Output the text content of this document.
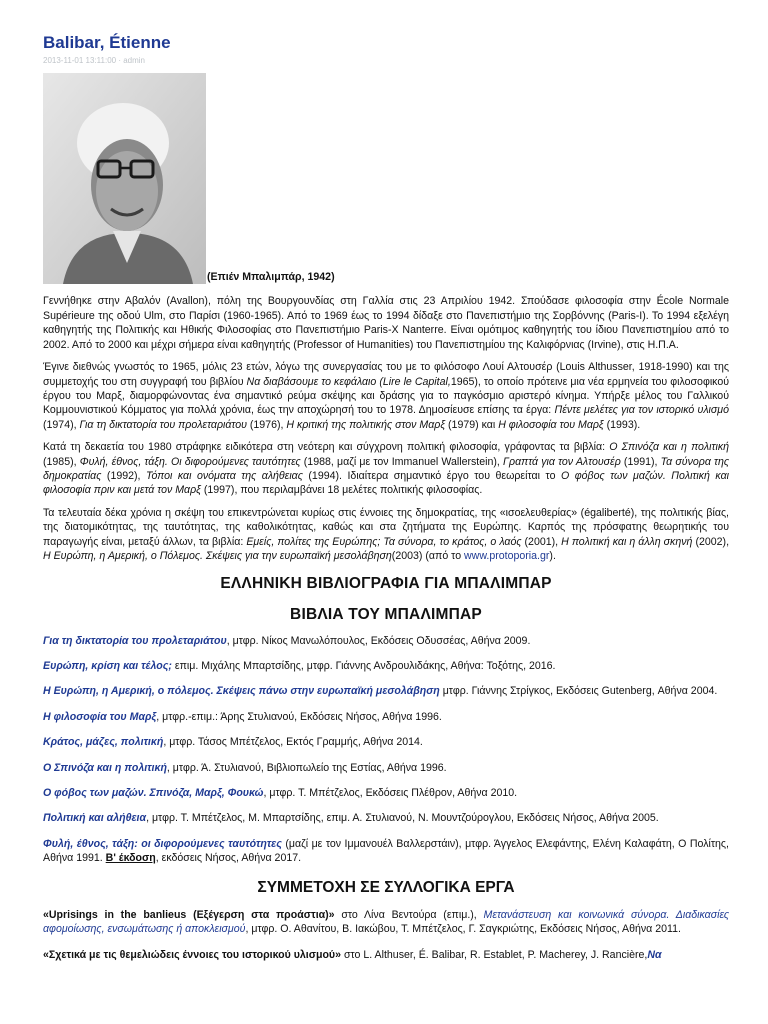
Balibar, Étienne
2013-11-01 13:11:00 · admin
(Επιέν Μπαλιμπάρ, 1942)

Γεννήθηκε στην Αβαλόν (Avallon), πόλη της Βουργουνδίας στη Γαλλία στις 23 Απριλίου 1942. Σπούδασε φιλοσοφία στην École Normale Supérieure της οδού Ulm, στο Παρίσι (1960-1965). Από το 1969 έως το 1994 δίδαξε στο Πανεπιστήμιο της Σορβόννης (Paris-I). Το 1994 εξελέγη καθηγητής της Πολιτικής και Ηθικής Φιλοσοφίας στο Πανεπιστήμιο Paris-X Nanterre. Είναι ομότιμος καθηγητής του ίδιου Πανεπιστημίου από το 2002. Από το 2000 και μέχρι σήμερα είναι καθηγητής (Professor of Humanities) του Πανεπιστημίου της Καλιφόρνιας (Irvine), στις Η.Π.Α.

Έγινε διεθνώς γνωστός το 1965, μόλις 23 ετών, λόγω της συνεργασίας του με το φιλόσοφο Λουί Αλτουσέρ (Louis Althusser, 1918-1990) και της συμμετοχής του στη συγγραφή του βιβλίου Να διαβάσουμε το κεφάλαιο (Lire le Capital,1965), το οποίο πρότεινε μια νέα ερμηνεία του φιλοσοφικού έργου του Μαρξ, διαμορφώνοντας ένα σημαντικό ρεύμα σκέψης και δράσης για το παγκόσμιο αριστερό κίνημα. Υπήρξε μέλος του Γαλλικού Κομμουνιστικού Κόμματος για πολλά χρόνια, έως την αποχώρησή του το 1978. Δημοσίευσε επίσης τα έργα: Πέντε μελέτες για τον ιστορικό υλισμό (1974), Για τη δικτατορία του προλεταριάτου (1976), Η κριτική της πολιτικής στον Μαρξ (1979) και Η φιλοσοφία του Μαρξ (1993).

Κατά τη δεκαετία του 1980 στράφηκε ειδικότερα στη νεότερη και σύγχρονη πολιτική φιλοσοφία, γράφοντας τα βιβλία: Ο Σπινόζα και η πολιτική (1985), Φυλή, έθνος, τάξη. Οι διφορούμενες ταυτότητες (1988, μαζί με τον Immanuel Wallerstein), Γραπτά για τον Αλτουσέρ (1991), Τα σύνορα της δημοκρατίας (1992), Τόποι και ονόματα της αλήθειας (1994). Ιδιαίτερα σημαντικό έργο του θεωρείται το Ο φόβος των μαζών. Πολιτική και φιλοσοφία πριν και μετά τον Μαρξ (1997), που περιλαμβάνει 18 μελέτες πολιτικής φιλοσοφίας.

Τα τελευταία δέκα χρόνια η σκέψη του επικεντρώνεται κυρίως στις έννοιες της δημοκρατίας, της «ισοελευθερίας» (égaliberté), της πολιτικής βίας, της διατομικότητας, της ταυτότητας, της καθολικότητας, καθώς και στα ζητήματα της Ευρώπης. Καρπός της πρόσφατης θεωρητικής του παραγωγής είναι, μεταξύ άλλων, τα βιβλία: Εμείς, πολίτες της Ευρώπης; Τα σύνορα, το κράτος, ο λαός (2001), Η πολιτική και η άλλη σκηνή (2002), Η Ευρώπη, η Αμερική, ο Πόλεμος. Σκέψεις για την ευρωπαϊκή μεσολάβηση(2003) (από το www.protoporia.gr).

ΕΛΛΗΝΙΚΗ ΒΙΒΛΙΟΓΡΑΦΙΑ ΓΙΑ ΜΠΑΛΙΜΠΑΡ
ΒΙΒΛΙΑ ΤΟΥ ΜΠΑΛΙΜΠΑΡ
Για τη δικτατορία του προλεταριάτου, μτφρ. Νίκος Μανωλόπουλος, Εκδόσεις Οδυσσέας, Αθήνα 2009.
Ευρώπη, κρίση και τέλος; επιμ. Μιχάλης Μπαρτσίδης, μτφρ. Γιάννης Ανδρουλιδάκης, Αθήνα: Τοξότης, 2016.
Η Ευρώπη, η Αμερική, ο πόλεμος. Σκέψεις πάνω στην ευρωπαϊκή μεσολάβηση μτφρ. Γιάννης Στρίγκος, Εκδόσεις Gutenberg, Αθήνα 2004.
Η φιλοσοφία του Μαρξ, μτφρ.-επιμ.: Άρης Στυλιανού, Εκδόσεις Νήσος, Αθήνα 1996.
Κράτος, μάζες, πολιτική, μτφρ. Τάσος Μπέτζελος, Εκτός Γραμμής, Αθήνα 2014.
Ο Σπινόζα και η πολιτική, μτφρ. Ά. Στυλιανού, Βιβλιοπωλείο της Εστίας, Αθήνα 1996.
Ο φόβος των μαζών. Σπινόζα, Μαρξ, Φουκώ, μτφρ. Τ. Μπέτζελος, Εκδόσεις Πλέθρον, Αθήνα 2010.
Πολιτική και αλήθεια, μτφρ. Τ. Μπέτζελος, Μ. Μπαρτσίδης, επιμ. Α. Στυλιανού, Ν. Μουντζούρογλου, Εκδόσεις Νήσος, Αθήνα 2005.
Φυλή, έθνος, τάξη: οι διφορούμενες ταυτότητες (μαζί με τον Ιμμανουέλ Βαλλερστάιν), μτφρ. Άγγελος Ελεφάντης, Ελένη Καλαφάτη, Ο Πολίτης, Αθήνα 1991. Β' έκδοση, εκδόσεις Νήσος, Αθήνα 2017.
ΣΥΜΜΕΤΟΧΗ ΣΕ ΣΥΛΛΟΓΙΚΑ ΕΡΓΑ
«Uprisings in the banlieus (Εξέγερση στα προάστια)» στο Λίνα Βεντούρα (επιμ.), Μετανάστευση και κοινωνικά σύνορα. Διαδικασίες αφομοίωσης, ενσωμάτωσης ή αποκλεισμού, μτφρ. Ο. Αθανίτου, Β. Ιακώβου, Τ. Μπέτζελος, Γ. Σαγκριώτης, Εκδόσεις Νήσος, Αθήνα 2011.
«Σχετικά με τις θεμελιώδεις έννοιες του ιστορικού υλισμού» στο L. Althuser, É. Balibar, R. Establet, P. Macherey, J. Rancière,Να
